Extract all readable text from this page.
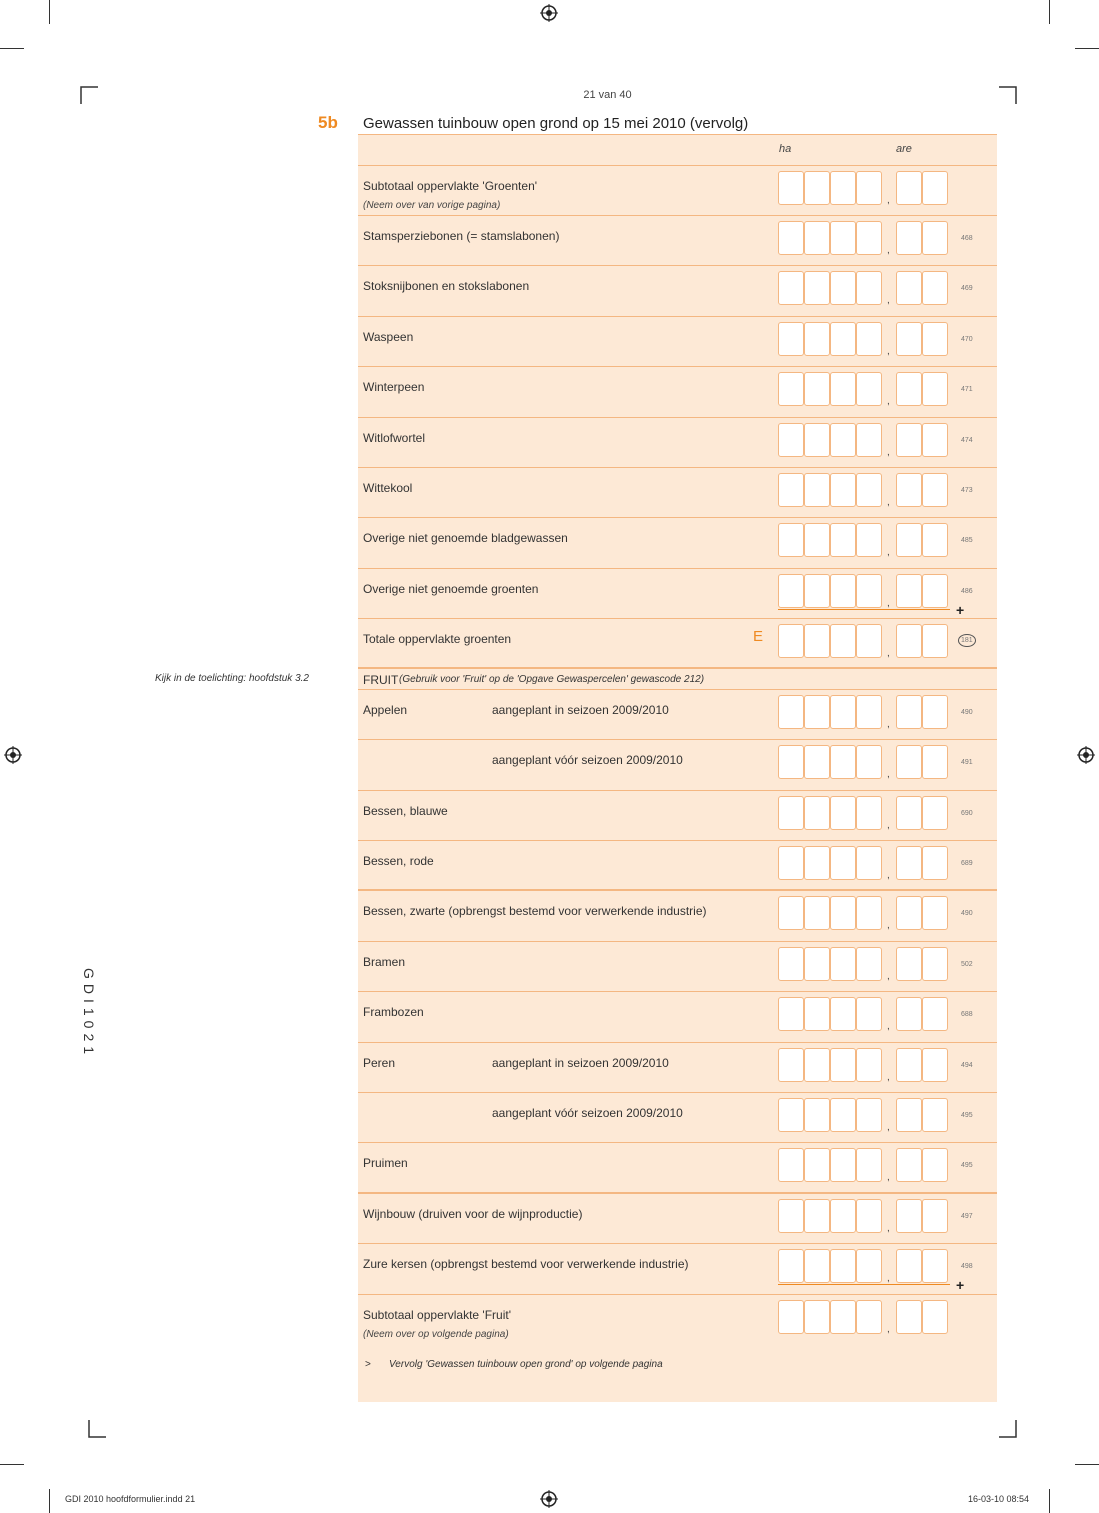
21 van 40
5b Gewassen tuinbouw open grond op 15 mei 2010 (vervolg)
ha	are
Kijk in de toelichting: hoofdstuk 3.2
GDI1021
Subtotaal oppervlakte 'Groenten'
(Neem over van vorige pagina)	,
Stamsperziebonen (= stamslabonen)
,
468
Stoksnijbonen en stokslabonen
,
469
Waspeen
,
470
Winterpeen
,
471
Witlofwortel
,
474
Wittekool
,
473
Overige niet genoemde bladgewassen
,
485
Overige niet genoemde groenten
,
486
+
Totale oppervlakte groenten	E
,
181
FRUIT (Gebruik voor 'Fruit' op de 'Opgave Gewaspercelen' gewascode 212)
Appelen	aangeplant in seizoen 2009/2010
,
490
aangeplant vóór seizoen 2009/2010
,
491
Bessen, blauwe
,
690
Bessen, rode
,
689
Bessen, zwarte (opbrengst bestemd voor verwerkende industrie)
,
490
Bramen
,
502
Frambozen
,
688
Peren	aangeplant in seizoen 2009/2010
,
494
aangeplant vóór seizoen 2009/2010
,
495
Pruimen
,
495
Wijnbouw (druiven voor de wijnproductie)
,
497
Zure kersen (opbrengst bestemd voor verwerkende industrie)
,
498
+
Subtotaal oppervlakte 'Fruit'
(Neem over op volgende pagina)	,
> Vervolg 'Gewassen tuinbouw open grond' op volgende pagina
GDI 2010 hoofdformulier.indd 21	16-03-10 08:54
